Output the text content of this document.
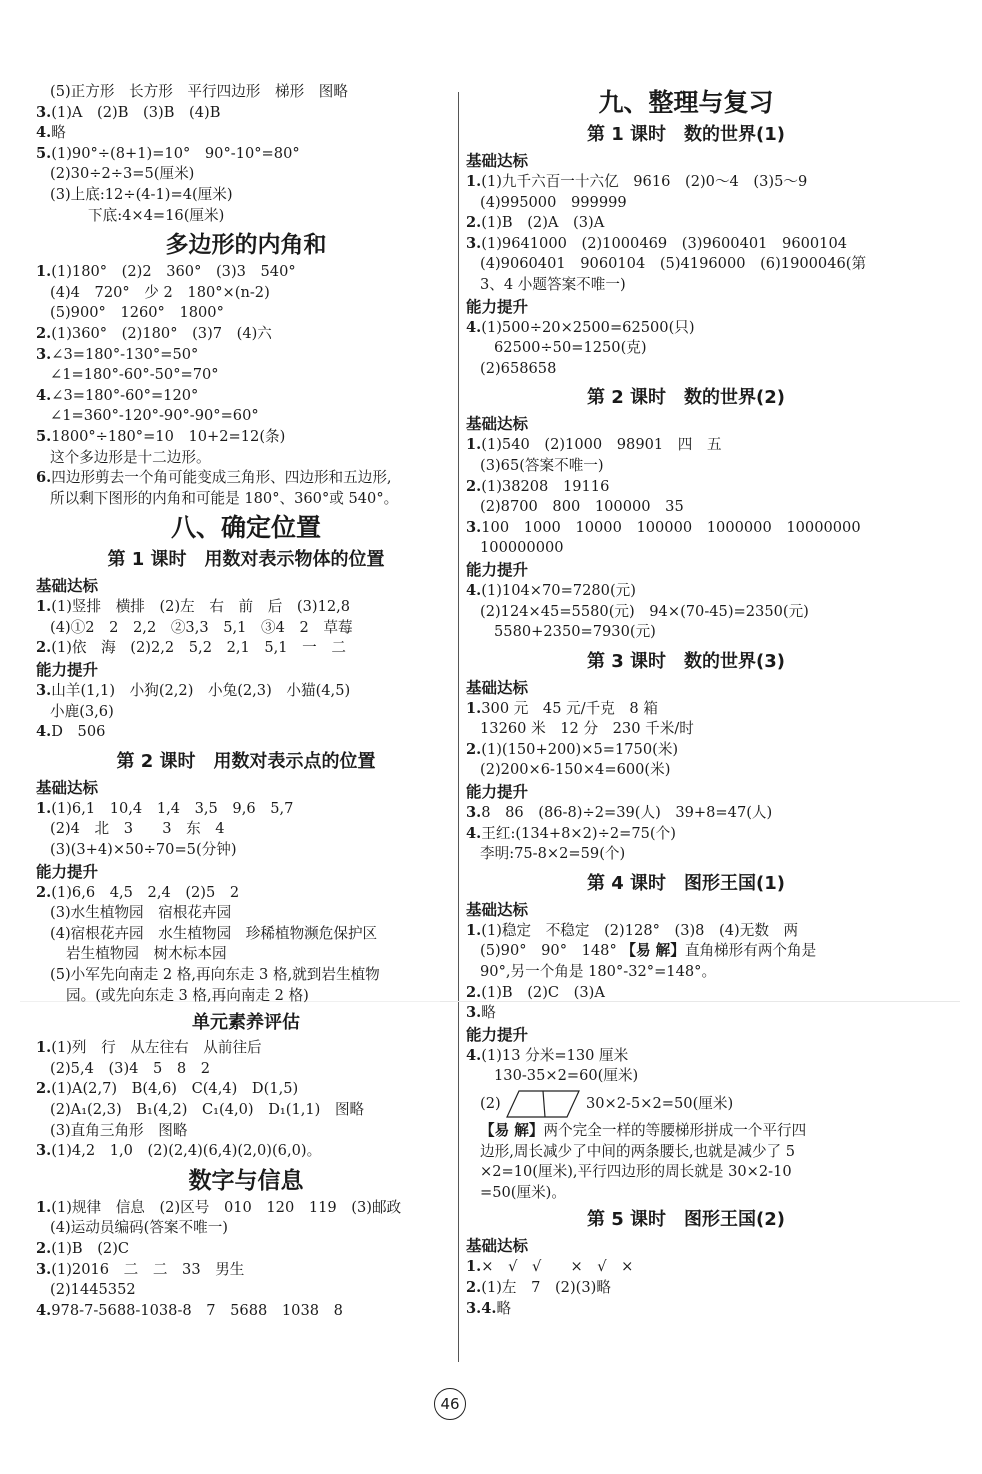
(5)正方形　长方形　平行四边形　梯形　图略
3.(1)A　(2)B　(3)B　(4)B
4.略
5.(1)90°÷(8+1)=10°　90°-10°=80°
(2)30÷2÷3=5(厘米)
(3)上底:12÷(4-1)=4(厘米)
下底:4×4=16(厘米)
多边形的内角和
1.(1)180°　(2)2　360°　(3)3　540°
(4)4　720°　少 2　180°×(n-2)
(5)900°　1260°　1800°
2.(1)360°　(2)180°　(3)7　(4)六
3.∠3=180°-130°=50°
∠1=180°-60°-50°=70°
4.∠3=180°-60°=120°
∠1=360°-120°-90°-90°=60°
5.1800°÷180°=10　10+2=12(条)
这个多边形是十二边形。
6.四边形剪去一个角可能变成三角形、四边形和五边形,
所以剩下图形的内角和可能是 180°、360°或 540°。
八、确定位置
第 1 课时　用数对表示物体的位置
基础达标
1.(1)竖排　横排　(2)左　右　前　后　(3)12,8
(4)①2　2　2,2　②3,3　5,1　③4　2　草莓
2.(1)依　海　(2)2,2　5,2　2,1　5,1　一　二
能力提升
3.山羊(1,1)　小狗(2,2)　小兔(2,3)　小猫(4,5)
小鹿(3,6)
4.D　506
第 2 课时　用数对表示点的位置
基础达标
1.(1)6,1　10,4　1,4　3,5　9,6　5,7
(2)4　北　3　　3　东　4
(3)(3+4)×50÷70=5(分钟)
能力提升
2.(1)6,6　4,5　2,4　(2)5　2
(3)水生植物园　宿根花卉园
(4)宿根花卉园　水生植物园　珍稀植物濒危保护区
岩生植物园　树木标本园
(5)小军先向南走 2 格,再向东走 3 格,就到岩生植物
园。(或先向东走 3 格,再向南走 2 格)
单元素养评估
1.(1)列　行　从左往右　从前往后
(2)5,4　(3)4　5　8　2
2.(1)A(2,7)　B(4,6)　C(4,4)　D(1,5)
(2)A₁(2,3)　B₁(4,2)　C₁(4,0)　D₁(1,1)　图略
(3)直角三角形　图略
3.(1)4,2　1,0　(2)(2,4)(6,4)(2,0)(6,0)。
数字与信息
1.(1)规律　信息　(2)区号　010　120　119　(3)邮政
(4)运动员编码(答案不唯一)
2.(1)B　(2)C
3.(1)2016　二　二　33　男生
(2)1445352
4.978-7-5688-1038-8　7　5688　1038　8
九、整理与复习
第 1 课时　数的世界(1)
基础达标
1.(1)九千六百一十六亿　9616　(2)0～4　(3)5～9
(4)995000　999999
2.(1)B　(2)A　(3)A
3.(1)9641000　(2)1000469　(3)9600401　9600104
(4)9060401　9060104　(5)4196000　(6)1900046(第
3、4 小题答案不唯一)
能力提升
4.(1)500÷20×2500=62500(只)
62500÷50=1250(克)
(2)658658
第 2 课时　数的世界(2)
基础达标
1.(1)540　(2)1000　98901　四　五
(3)65(答案不唯一)
2.(1)38208　19116
(2)8700　800　100000　35
3.100　1000　10000　100000　1000000　10000000
100000000
能力提升
4.(1)104×70=7280(元)
(2)124×45=5580(元)　94×(70-45)=2350(元)
5580+2350=7930(元)
第 3 课时　数的世界(3)
基础达标
1.300 元　45 元/千克　8 箱
13260 米　12 分　230 千米/时
2.(1)(150+200)×5=1750(米)
(2)200×6-150×4=600(米)
能力提升
3.8　86　(86-8)÷2=39(人)　39+8=47(人)
4.王红:(134+8×2)÷2=75(个)
李明:75-8×2=59(个)
第 4 课时　图形王国(1)
基础达标
1.(1)稳定　不稳定　(2)128°　(3)8　(4)无数　两
(5)90°　90°　148° 【易 解】直角梯形有两个角是
90°,另一个角是 180°-32°=148°。
2.(1)B　(2)C　(3)A
3.略
能力提升
4.(1)13 分米=130 厘米
130-35×2=60(厘米)
(2)	30×2-5×2=50(厘米)
【易 解】两个完全一样的等腰梯形拼成一个平行四
边形,周长减少了中间的两条腰长,也就是减少了 5
×2=10(厘米),平行四边形的周长就是 30×2-10
=50(厘米)。
第 5 课时　图形王国(2)
基础达标
1.×　√　√　　×　√　×
2.(1)左　7　(2)(3)略
3.4.略
46
